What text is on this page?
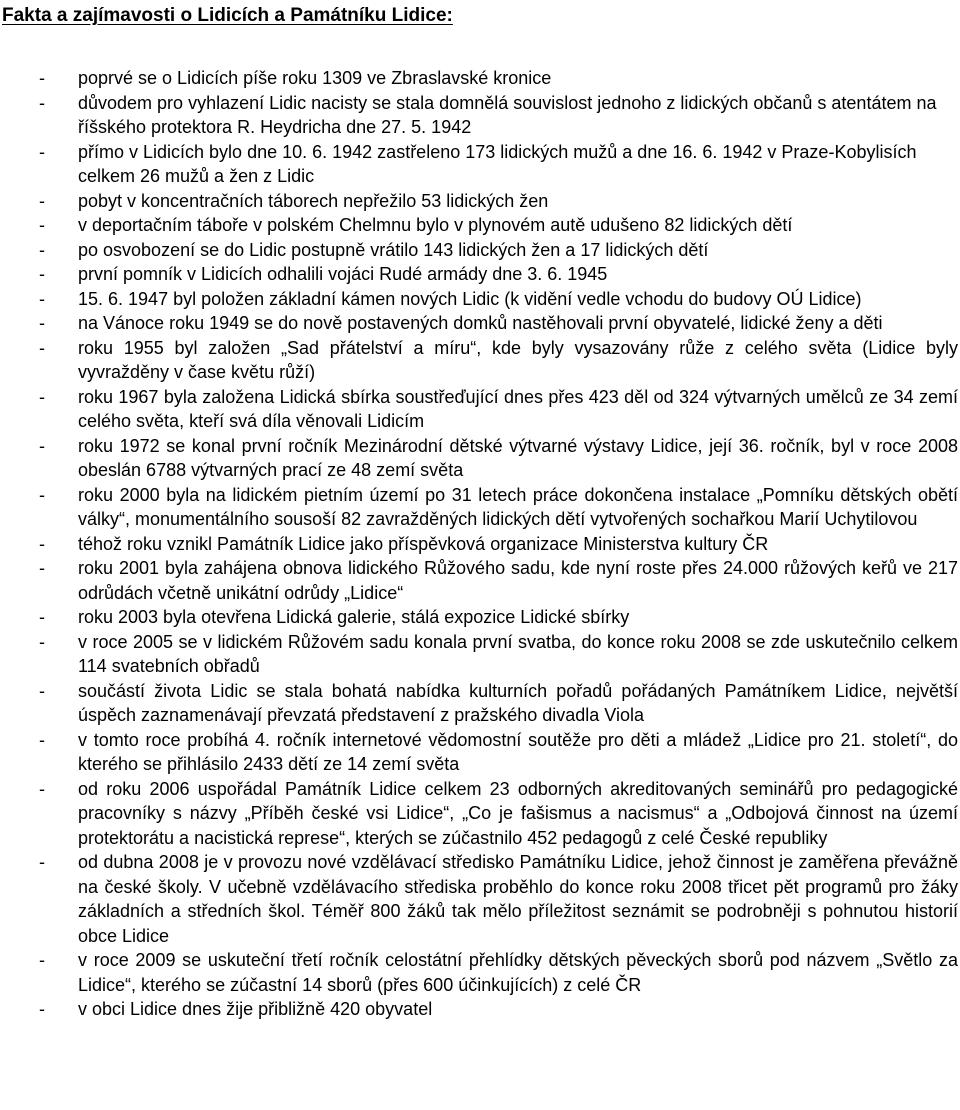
Fakta a zajímavosti o Lidicích a Památníku Lidice:
- poprvé se o Lidicích píše roku 1309 ve Zbraslavské kronice
- důvodem pro vyhlazení Lidic nacisty se stala domnělá souvislost jednoho z lidických občanů s atentátem na říšského protektora R. Heydricha dne 27. 5. 1942
- přímo v Lidicích bylo dne 10. 6. 1942 zastřeleno 173 lidických mužů a dne 16. 6. 1942 v Praze-Kobylisích celkem 26 mužů a žen z Lidic
- pobyt v koncentračních táborech nepřežilo 53 lidických žen
- v deportačním táboře v polském Chelmnu bylo v plynovém autě udušeno 82 lidických dětí
- po osvobození se do Lidic postupně vrátilo 143 lidických žen a 17 lidických dětí
- první pomník v Lidicích odhalili vojáci Rudé armády dne 3. 6. 1945
- 15. 6. 1947 byl položen základní kámen nových Lidic (k vidění vedle vchodu do budovy OÚ Lidice)
- na Vánoce roku 1949 se do nově postavených domků nastěhovali první obyvatelé, lidické ženy a děti
- roku 1955 byl založen „Sad přátelství a míru“, kde byly vysazovány růže z celého světa (Lidice byly vyvražděny v čase květu růží)
- roku 1967 byla založena Lidická sbírka soustřeďující dnes přes 423 děl od 324 výtvarných umělců ze 34 zemí celého světa, kteří svá díla věnovali Lidicím
- roku 1972 se konal první ročník Mezinárodní dětské výtvarné výstavy Lidice, její 36. ročník, byl v roce 2008 obeslán 6788 výtvarných prací ze 48 zemí světa
- roku 2000 byla na lidickém pietním území po 31 letech práce dokončena instalace „Pomníku dětských obětí války“, monumentálního sousoší 82 zavražděných lidických dětí vytvořených sochařkou Marií Uchytilovou
- téhož roku vznikl Památník Lidice jako příspěvková organizace Ministerstva kultury ČR
- roku 2001 byla zahájena obnova lidického Růžového sadu, kde nyní roste přes 24.000 růžových keřů ve 217 odrůdách včetně unikátní odrůdy „Lidice“
- roku 2003 byla otevřena Lidická galerie, stálá expozice Lidické sbírky
- v roce 2005 se v lidickém Růžovém sadu konala první svatba, do konce roku 2008 se zde uskutečnilo celkem 114 svatebních obřadů
- součástí života Lidic se stala bohatá nabídka kulturních pořadů pořádaných Památníkem Lidice, největší úspěch zaznamenávají převzatá představení z pražského divadla Viola
- v tomto roce probíhá 4. ročník internetové vědomostní soutěže pro děti a mládež „Lidice pro 21. století“, do kterého se přihlásilo 2433 dětí ze 14 zemí světa
- od roku 2006 uspořádal Památník Lidice celkem 23 odborných akreditovaných seminářů pro pedagogické pracovníky s názvy „Příběh české vsi Lidice“, „Co je fašismus a nacismus“ a „Odbojová činnost na území protektorátu a nacistická represe“, kterých se zúčastnilo 452 pedagogů z celé České republiky
- od dubna 2008 je v provozu nové vzdělávací středisko Památníku Lidice, jehož činnost je zaměřena převážně na české školy. V učebně vzdělávacího střediska proběhlo do konce roku 2008 třicet pět programů pro žáky základních a středních škol. Téměř 800 žáků tak mělo příležitost seznámit se podrobněji s pohnutou historií obce Lidice
- v roce 2009 se uskuteční třetí ročník celostátní přehlídky dětských pěveckých sborů pod názvem „Světlo za Lidice“, kterého se zúčastní 14 sborů (přes 600 účinkujících) z celé ČR
- v obci Lidice dnes žije přibližně 420 obyvatel
